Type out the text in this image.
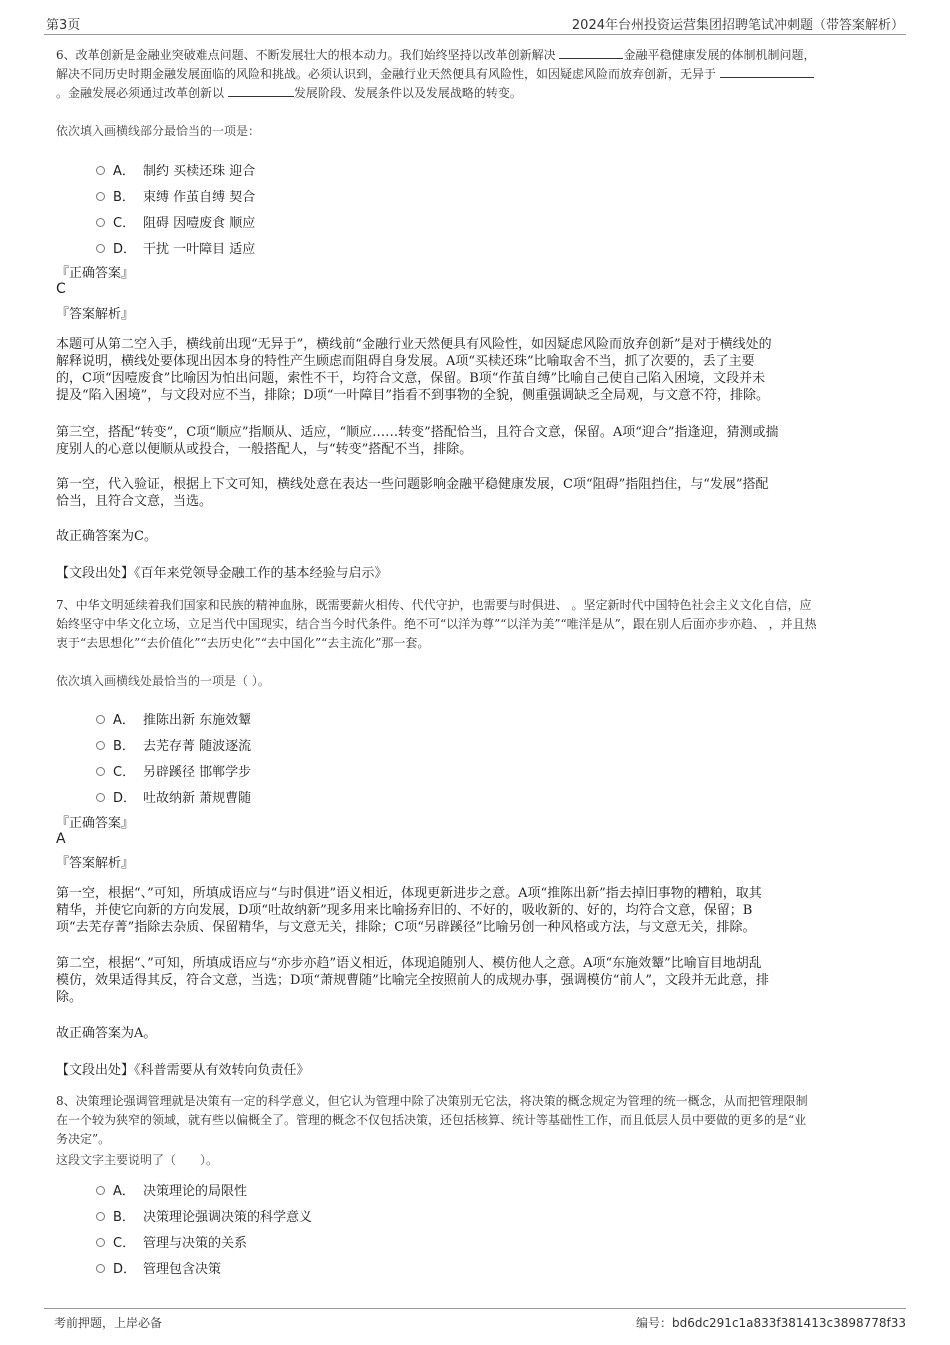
第3页	2024年台州投资运营集团招聘笔试冲刺题（带答案解析）
6、改革创新是金融业突破难点问题、不断发展壮大的根本动力。我们始终坚持以改革创新解决	金融平稳健康发展的体制机制问题，
解决不同历史时期金融发展面临的风险和挑战。必须认识到，金融行业天然便具有风险性，如因疑虑风险而放弃创新，无异于
。金融发展必须通过改革创新以	发展阶段、发展条件以及发展战略的转变。
依次填入画横线部分最恰当的一项是：
A． 制约 买椟还珠 迎合
B． 束缚 作茧自缚 契合
C． 阻碍 因噎废食 顺应
D． 干扰 一叶障目 适应
『正确答案』
C
『答案解析』
本题可从第二空入手，横线前出现“无异于”，横线前“金融行业天然便具有风险性，如因疑虑风险而放弃创新”是对于横线处的
解释说明，横线处要体现出因本身的特性产生顾虑而阻碍自身发展。A项“买椟还珠”比喻取舍不当，抓了次要的，丢了主要
的，C项“因噎废食”比喻因为怕出问题，索性不干，均符合文意，保留。B项“作茧自缚”比喻自己使自己陷入困境，文段并未
提及“陷入困境”，与文段对应不当，排除；D项“一叶障目”指看不到事物的全貌，侧重强调缺乏全局观，与文意不符，排除。
第三空，搭配“转变”，C项“顺应”指顺从、适应，“顺应……转变”搭配恰当，且符合文意，保留。A项“迎合”指逢迎，猜测或揣
度别人的心意以便顺从或投合，一般搭配人，与“转变”搭配不当，排除。
第一空，代入验证，根据上下文可知，横线处意在表达一些问题影响金融平稳健康发展，C项“阻碍”指阻挡住，与“发展”搭配
恰当，且符合文意，当选。
故正确答案为C。
【文段出处】《百年来党领导金融工作的基本经验与启示》
7、中华文明延续着我们国家和民族的精神血脉，既需要薪火相传、代代守护，也需要与时俱进、 。坚定新时代中国特色社会主义文化自信，应
始终坚守中华文化立场，立足当代中国现实，结合当今时代条件。绝不可“以洋为尊”“以洋为美”“唯洋是从”，跟在别人后面亦步亦趋、 ，并且热
衷于“去思想化”“去价值化”“去历史化”“去中国化”“去主流化”那一套。
依次填入画横线处最恰当的一项是（ ）。
A． 推陈出新 东施效颦
B． 去芜存菁 随波逐流
C． 另辟蹊径 邯郸学步
D． 吐故纳新 萧规曹随
『正确答案』
A
『答案解析』
第一空，根据“、”可知，所填成语应与“与时俱进”语义相近，体现更新进步之意。A项“推陈出新”指去掉旧事物的糟粕，取其
精华，并使它向新的方向发展，D项“吐故纳新”现多用来比喻扬弃旧的、不好的，吸收新的、好的，均符合文意，保留；B
项“去芜存菁”指除去杂质、保留精华，与文意无关，排除；C项“另辟蹊径”比喻另创一种风格或方法，与文意无关，排除。
第二空，根据“、”可知，所填成语应与“亦步亦趋”语义相近，体现追随别人、模仿他人之意。A项“东施效颦”比喻盲目地胡乱
模仿，效果适得其反，符合文意，当选；D项“萧规曹随”比喻完全按照前人的成规办事，强调模仿“前人”，文段并无此意，排
除。
故正确答案为A。
【文段出处】《科普需要从有效转向负责任》
8、决策理论强调管理就是决策有一定的科学意义，但它认为管理中除了决策别无它法，将决策的概念规定为管理的统一概念，从而把管理限制
在一个较为狭窄的领域，就有些以偏概全了。管理的概念不仅包括决策，还包括核算、统计等基础性工作，而且低层人员中要做的更多的是“业
务决定”。
这段文字主要说明了（　　）。
A． 决策理论的局限性
B． 决策理论强调决策的科学意义
C． 管理与决策的关系
D． 管理包含决策
考前押题，上岸必备	编号：bd6dc291c1a833f381413c3898778f33
